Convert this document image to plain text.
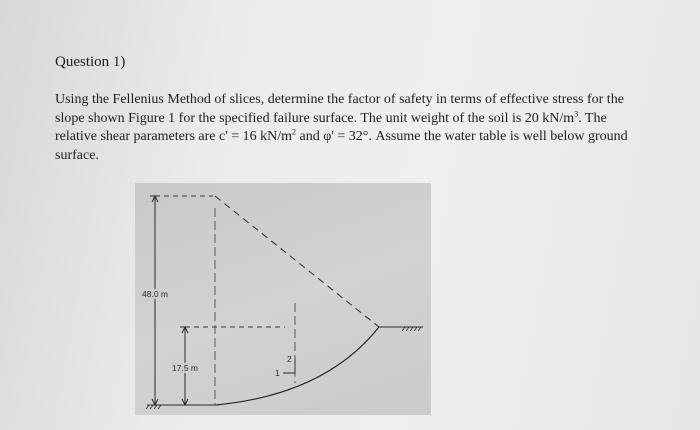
Question 1)

Using the Fellenius Method of slices, determine the factor of safety in terms of effective stress for the slope shown Figure 1 for the specified failure surface. The unit weight of the soil is 20 $kN/m^3$. The relative shear parameters are c' = 16 $kN/m^2$ and φ' = 32°. Assume the water table is well below ground surface.

48.0 m
17.5 m
2
1
